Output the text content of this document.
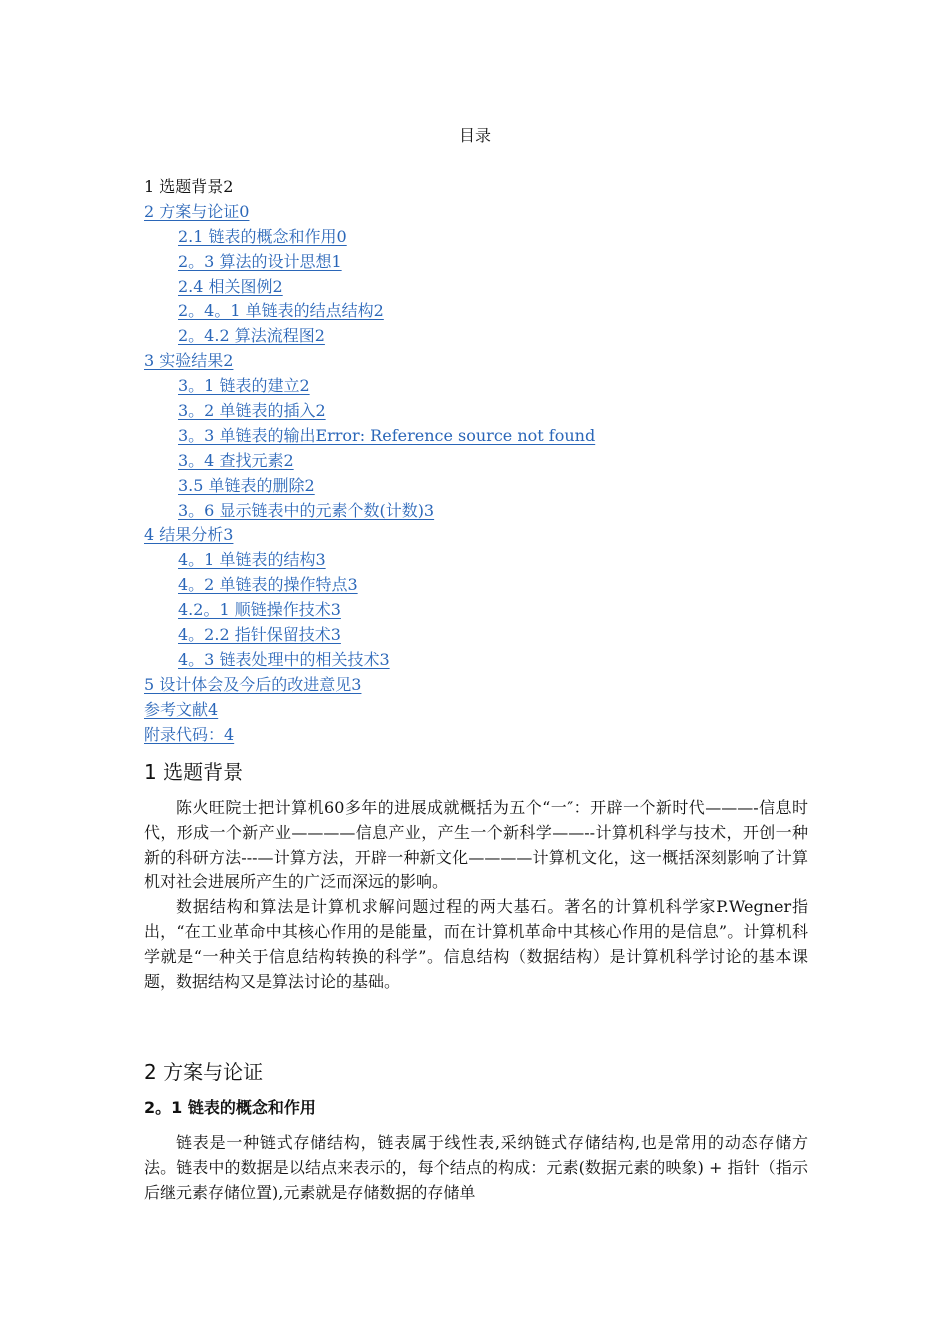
目录
1 选题背景2
2 方案与论证0
2.1 链表的概念和作用0
2。3 算法的设计思想1
2.4 相关图例2
2。4。1 单链表的结点结构2
2。4.2 算法流程图2
3 实验结果2
3。1 链表的建立2
3。2 单链表的插入2
3。3 单链表的输出Error: Reference source not found
3。4 查找元素2
3.5 单链表的删除2
3。6 显示链表中的元素个数(计数)3
4 结果分析3
4。1 单链表的结构3
4。2 单链表的操作特点3
4.2。1 顺链操作技术3
4。2.2 指针保留技术3
4。3 链表处理中的相关技术3
5 设计体会及今后的改进意见3
参考文献4
附录代码：4
1 选题背景

陈火旺院士把计算机60多年的进展成就概括为五个“一″：开辟一个新时代———-信息时代，形成一个新产业————信息产业，产生一个新科学——--计算机科学与技术，开创一种新的科研方法---—计算方法，开辟一种新文化————计算机文化，这一概括深刻影响了计算机对社会进展所产生的广泛而深远的影响。

数据结构和算法是计算机求解问题过程的两大基石。著名的计算机科学家P.Wegner指出，“在工业革命中其核心作用的是能量，而在计算机革命中其核心作用的是信息”。计算机科学就是“一种关于信息结构转换的科学”。信息结构（数据结构）是计算机科学讨论的基本课题，数据结构又是算法讨论的基础。

2 方案与论证
2。1 链表的概念和作用

链表是一种链式存储结构，链表属于线性表,采纳链式存储结构,也是常用的动态存储方法。链表中的数据是以结点来表示的，每个结点的构成：元素(数据元素的映象) + 指针（指示后继元素存储位置),元素就是存储数据的存储单
